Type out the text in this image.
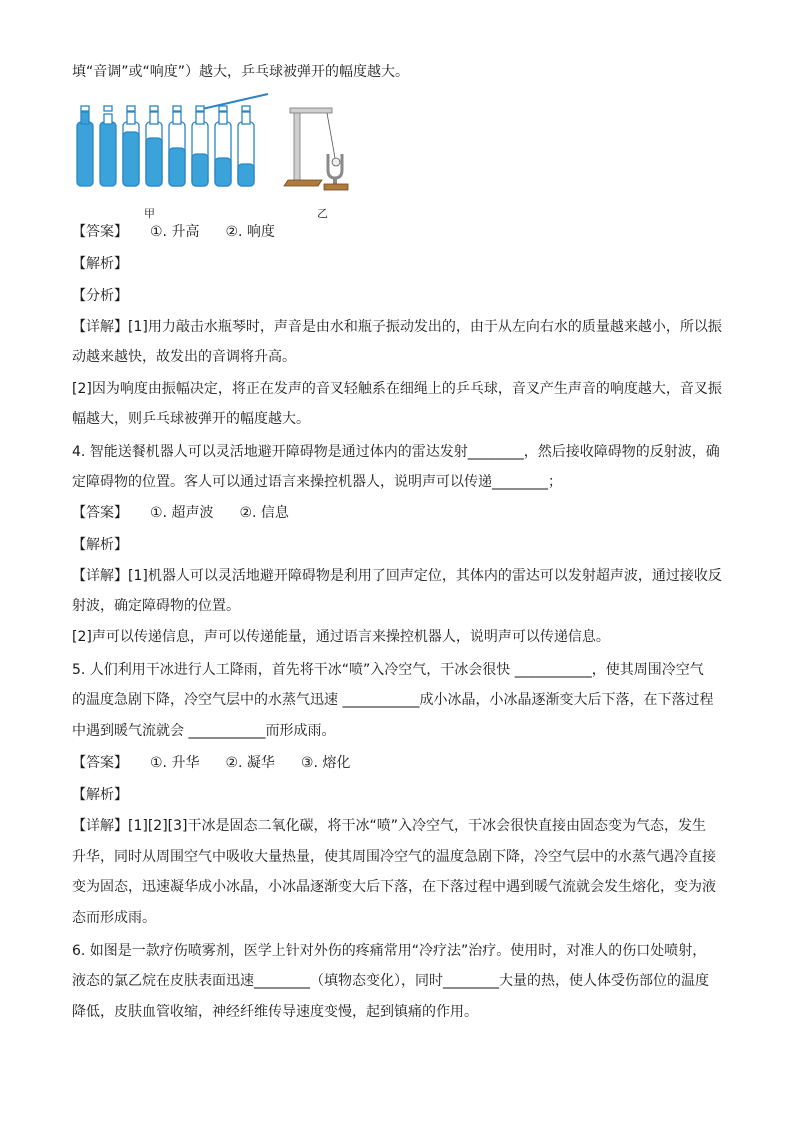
填“音调”或“响度”）越大，乒乓球被弹开的幅度越大。
甲	乙
【答案】 ①. 升高 ②. 响度
【解析】
【分析】
【详解】[1]用力敲击水瓶琴时，声音是由水和瓶子振动发出的，由于从左向右水的质量越来越小，所以振
动越来越快，故发出的音调将升高。
[2]因为响度由振幅决定，将正在发声的音叉轻触系在细绳上的乒乓球，音叉产生声音的响度越大，音叉振
幅越大，则乒乓球被弹开的幅度越大。
4. 智能送餐机器人可以灵活地避开障碍物是通过体内的雷达发射________，然后接收障碍物的反射波，确
定障碍物的位置。客人可以通过语言来操控机器人，说明声可以传递________；
【答案】 ①. 超声波 ②. 信息
【解析】
【详解】[1]机器人可以灵活地避开障碍物是利用了回声定位，其体内的雷达可以发射超声波，通过接收反
射波，确定障碍物的位置。
[2]声可以传递信息，声可以传递能量，通过语言来操控机器人，说明声可以传递信息。
5. 人们利用干冰进行人工降雨，首先将干冰“喷”入冷空气，干冰会很快 ___________，使其周围冷空气
的温度急剧下降，冷空气层中的水蒸气迅速 ___________成小冰晶，小冰晶逐渐变大后下落，在下落过程
中遇到暖气流就会 ___________而形成雨。
【答案】 ①. 升华 ②. 凝华 ③. 熔化
【解析】
【详解】[1][2][3]干冰是固态二氧化碳，将干冰“喷”入冷空气，干冰会很快直接由固态变为气态，发生
升华，同时从周围空气中吸收大量热量，使其周围冷空气的温度急剧下降，冷空气层中的水蒸气遇冷直接
变为固态，迅速凝华成小冰晶，小冰晶逐渐变大后下落，在下落过程中遇到暖气流就会发生熔化，变为液
态而形成雨。
6. 如图是一款疗伤喷雾剂，医学上针对外伤的疼痛常用“冷疗法”治疗。使用时，对准人的伤口处喷射，
液态的氯乙烷在皮肤表面迅速________（填物态变化），同时________大量的热，使人体受伤部位的温度
降低，皮肤血管收缩，神经纤维传导速度变慢，起到镇痛的作用。
